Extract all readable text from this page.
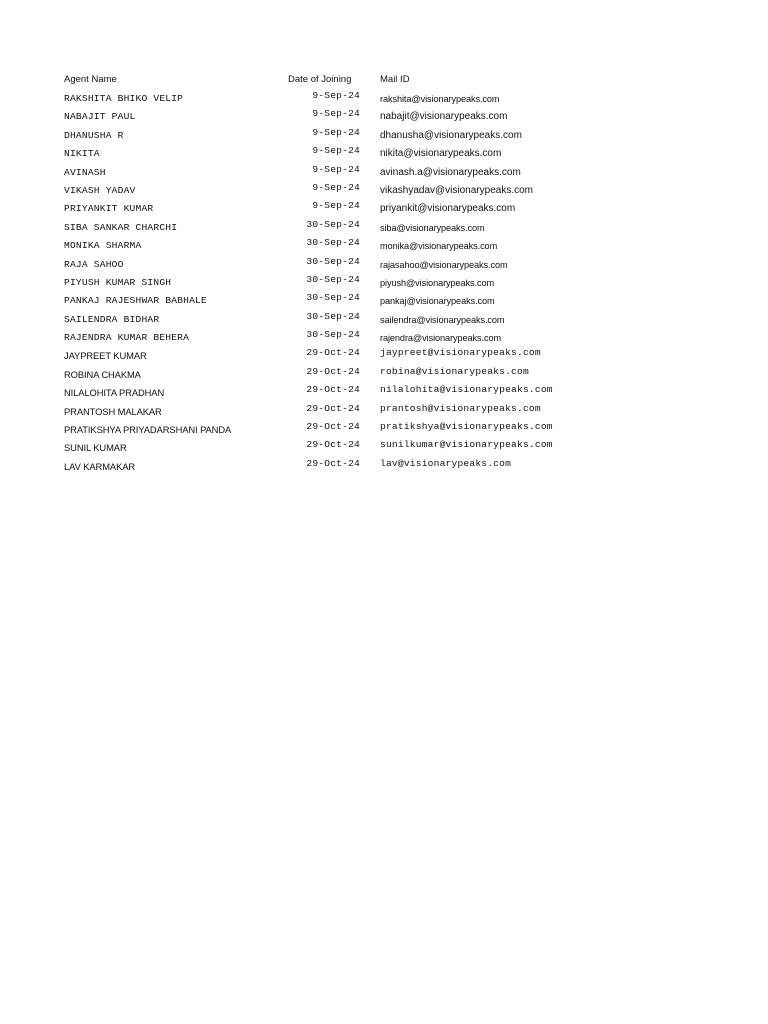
Agent Name	Date of Joining	Mail ID
RAKSHITA BHIKO VELIP	9-Sep-24 rakshita@visionarypeaks.com
NABAJIT PAUL	9-Sep-24 nabajit@visionarypeaks.com
DHANUSHA R	9-Sep-24 dhanusha@visionarypeaks.com
NIKITA	9-Sep-24 nikita@visionarypeaks.com
AVINASH	9-Sep-24 avinash.a@visionarypeaks.com
VIKASH YADAV	9-Sep-24 vikashyadav@visionarypeaks.com
PRIYANKIT KUMAR	9-Sep-24 priyankit@visionarypeaks.com
SIBA SANKAR CHARCHI	30-Sep-24 siba@visionarypeaks.com
MONIKA SHARMA	30-Sep-24 monika@visionarypeaks.com
RAJA SAHOO	30-Sep-24 rajasahoo@visionarypeaks.com
PIYUSH KUMAR SINGH	30-Sep-24 piyush@visionarypeaks.com
PANKAJ RAJESHWAR BABHALE	30-Sep-24 pankaj@visionarypeaks.com
SAILENDRA BIDHAR	30-Sep-24 sailendra@visionarypeaks.com
RAJENDRA KUMAR BEHERA	30-Sep-24 rajendra@visionarypeaks.com
JAYPREET KUMAR	29-Oct-24 jaypreet@visionarypeaks.com
ROBINA CHAKMA	29-Oct-24 robina@visionarypeaks.com
NILALOHITA PRADHAN	29-Oct-24 nilalohita@visionarypeaks.com
PRANTOSH MALAKAR	29-Oct-24 prantosh@visionarypeaks.com
PRATIKSHYA PRIYADARSHANI PANDA	29-Oct-24 pratikshya@visionarypeaks.com
SUNIL KUMAR	29-Oct-24 sunilkumar@visionarypeaks.com
LAV KARMAKAR	29-Oct-24 lav@visionarypeaks.com
